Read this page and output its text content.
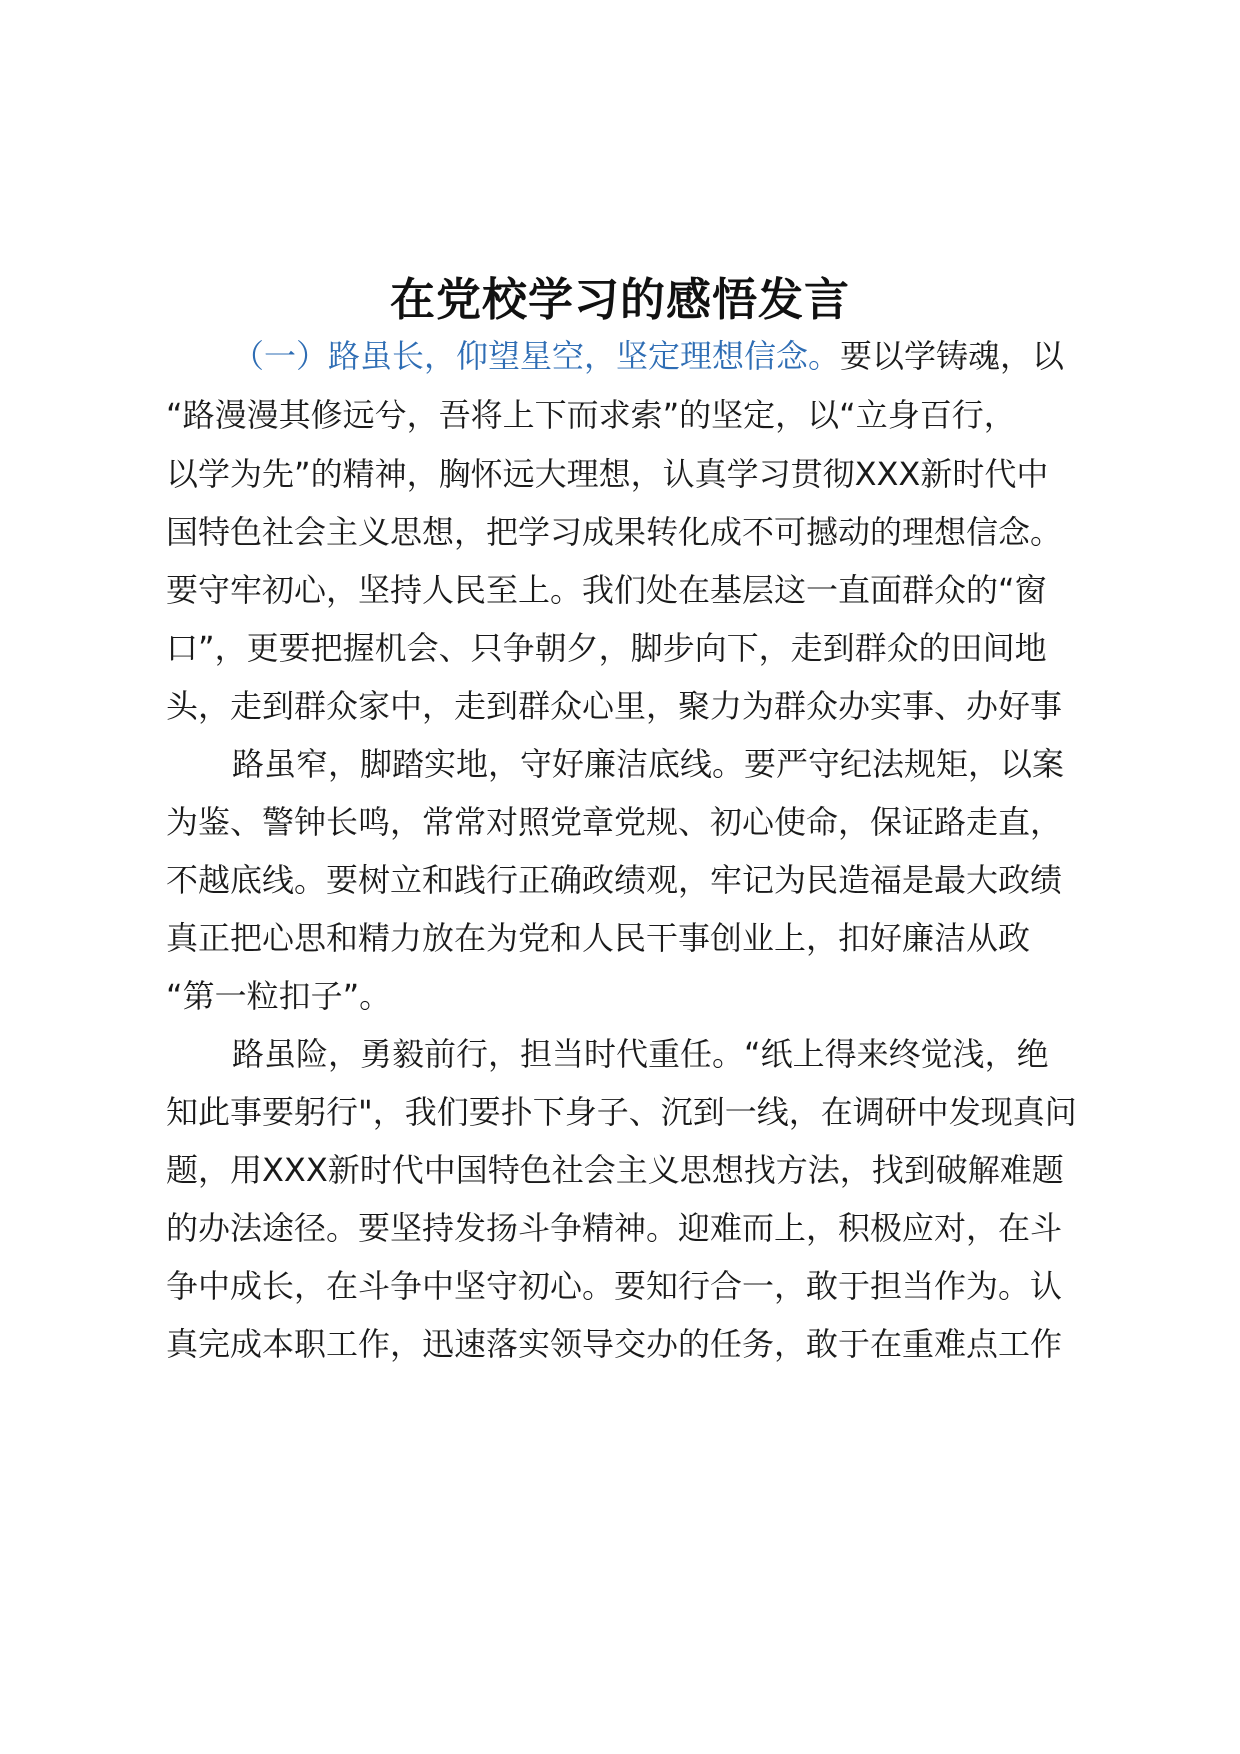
在党校学习的感悟发言
（一）路虽长，仰望星空，坚定理想信念。要以学铸魂，以
“路漫漫其修远兮，吾将上下而求索”的坚定，以“立身百行，
以学为先”的精神，胸怀远大理想，认真学习贯彻XXX新时代中
国特色社会主义思想，把学习成果转化成不可撼动的理想信念。
要守牢初心，坚持人民至上。我们处在基层这一直面群众的“窗
口”，更要把握机会、只争朝夕，脚步向下，走到群众的田间地
头，走到群众家中，走到群众心里，聚力为群众办实事、办好事
路虽窄，脚踏实地，守好廉洁底线。要严守纪法规矩，以案
为鉴、警钟长鸣，常常对照党章党规、初心使命，保证路走直，
不越底线。要树立和践行正确政绩观，牢记为民造福是最大政绩
真正把心思和精力放在为党和人民干事创业上，扣好廉洁从政
“第一粒扣子”。
路虽险，勇毅前行，担当时代重任。“纸上得来终觉浅，绝
知此事要躬行"，我们要扑下身子、沉到一线，在调研中发现真问
题，用XXX新时代中国特色社会主义思想找方法，找到破解难题
的办法途径。要坚持发扬斗争精神。迎难而上，积极应对，在斗
争中成长，在斗争中坚守初心。要知行合一，敢于担当作为。认
真完成本职工作，迅速落实领导交办的任务，敢于在重难点工作
